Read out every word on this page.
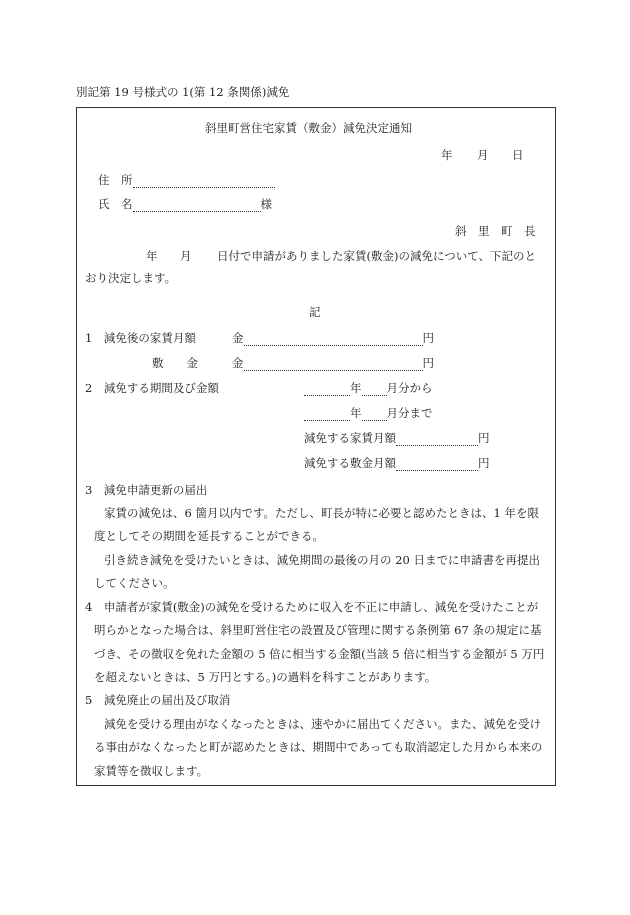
別記第 19 号様式の 1(第 12 条関係)減免
斜里町営住宅家賃（敷金）減免決定通知
年 月 日
住　所
氏　名	様
斜　里　町　長
年 月 日付で申請がありました家賃(敷金)の減免について、下記のと
おり決定します。
記
1　減免後の家賃月額	金	円
敷　　金	金	円
2　減免する期間及び金額	年 月分から
年 月分まで
減免する家賃月額	円
減免する敷金月額	円
3　減免申請更新の届出
家賃の減免は、6 箇月以内です。ただし、町長が特に必要と認めたときは、1 年を限
度としてその期間を延長することができる。
引き続き減免を受けたいときは、減免期間の最後の月の 20 日までに申請書を再提出
してください。
4　申請者が家賃(敷金)の減免を受けるために収入を不正に申請し、減免を受けたことが
明らかとなった場合は、斜里町営住宅の設置及び管理に関する条例第 67 条の規定に基
づき、その徴収を免れた金額の 5 倍に相当する金額(当該 5 倍に相当する金額が 5 万円
を超えないときは、5 万円とする。)の過料を科すことがあります。
5　減免廃止の届出及び取消
減免を受ける理由がなくなったときは、速やかに届出てください。また、減免を受け
る事由がなくなったと町が認めたときは、期間中であっても取消認定した月から本来の
家賃等を徴収します。
